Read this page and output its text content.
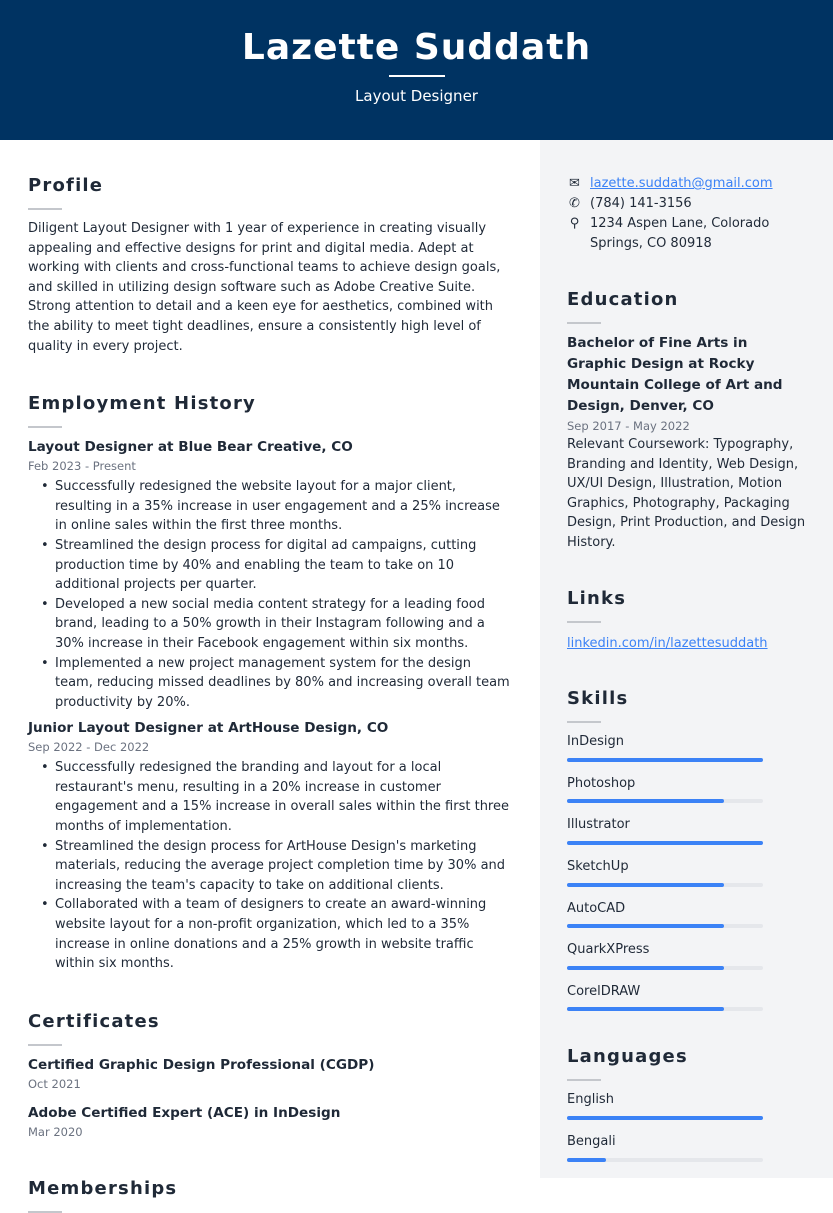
Lazette Suddath
Layout Designer
Profile

Diligent Layout Designer with 1 year of experience in creating visually appealing and effective designs for print and digital media. Adept at working with clients and cross-functional teams to achieve design goals, and skilled in utilizing design software such as Adobe Creative Suite. Strong attention to detail and a keen eye for aesthetics, combined with the ability to meet tight deadlines, ensure a consistently high level of quality in every project.

Employment History
Layout Designer at Blue Bear Creative, CO
Feb 2023 - Present
• Successfully redesigned the website layout for a major client, resulting in a 35% increase in user engagement and a 25% increase in online sales within the first three months.
• Streamlined the design process for digital ad campaigns, cutting production time by 40% and enabling the team to take on 10 additional projects per quarter.
• Developed a new social media content strategy for a leading food brand, leading to a 50% growth in their Instagram following and a 30% increase in their Facebook engagement within six months.
• Implemented a new project management system for the design team, reducing missed deadlines by 80% and increasing overall team productivity by 20%.
Junior Layout Designer at ArtHouse Design, CO
Sep 2022 - Dec 2022
• Successfully redesigned the branding and layout for a local restaurant's menu, resulting in a 20% increase in customer engagement and a 15% increase in overall sales within the first three months of implementation.
• Streamlined the design process for ArtHouse Design's marketing materials, reducing the average project completion time by 30% and increasing the team's capacity to take on additional clients.
• Collaborated with a team of designers to create an award-winning website layout for a non-profit organization, which led to a 35% increase in online donations and a 25% growth in website traffic within six months.
Certificates
Certified Graphic Design Professional (CGDP)
Oct 2021
Adobe Certified Expert (ACE) in InDesign
Mar 2020
Memberships
✉ lazette.suddath@gmail.com
✆ (784) 141-3156
⚲ 1234 Aspen Lane, Colorado Springs, CO 80918
Education
Bachelor of Fine Arts in Graphic Design at Rocky Mountain College of Art and Design, Denver, CO
Sep 2017 - May 2022

Relevant Coursework: Typography, Branding and Identity, Web Design, UX/UI Design, Illustration, Motion Graphics, Photography, Packaging Design, Print Production, and Design History.

Links
linkedin.com/in/lazettesuddath
Skills
InDesign
Photoshop
Illustrator
SketchUp
AutoCAD
QuarkXPress
CorelDRAW
Languages
English
Bengali
